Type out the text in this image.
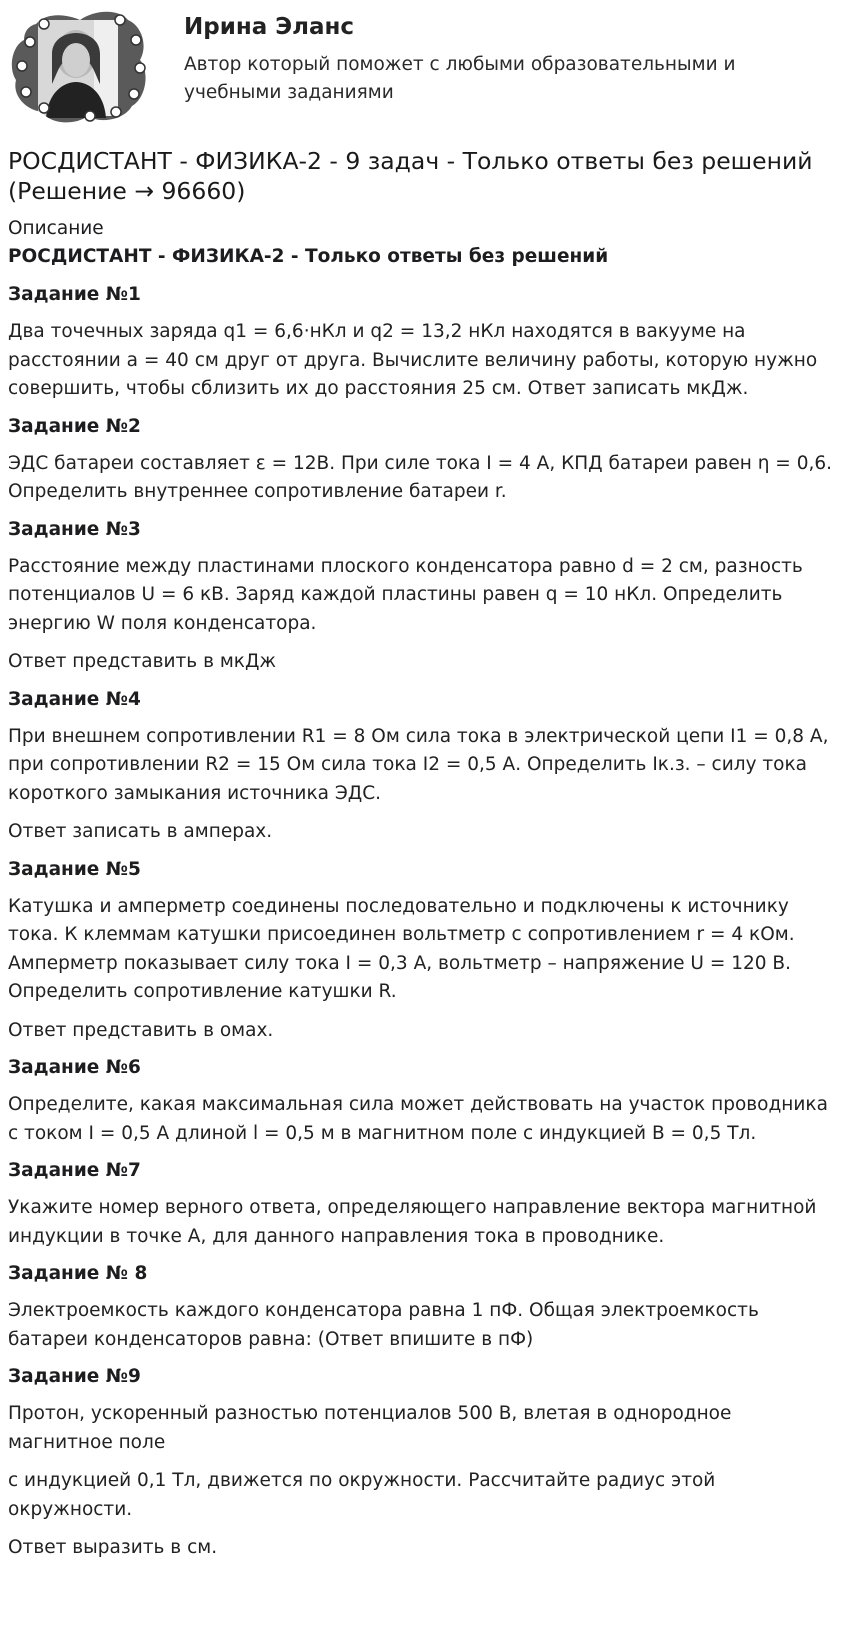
Ирина Эланс
Автор который поможет с любыми образовательными и учебными заданиями
РОСДИСТАНТ - ФИЗИКА-2 - 9 задач - Только ответы без решений (Решение → 96660)
Описание
РОСДИСТАНТ - ФИЗИКА-2 - Только ответы без решений
Задание №1
Два точечных заряда q1 = 6,6·нКл и q2 = 13,2 нКл находятся в вакууме на расстоянии a = 40 см друг от друга. Вычислите величину работы, которую нужно совершить, чтобы сблизить их до расстояния 25 см. Ответ записать мкДж.
Задание №2
ЭДС батареи составляет ε = 12В. При силе тока I = 4 А, КПД батареи равен η = 0,6. Определить внутреннее сопротивление батареи r.
Задание №3
Расстояние между пластинами плоского конденсатора равно d = 2 см, разность потенциалов U = 6 кВ. Заряд каждой пластины равен q = 10 нКл. Определить энергию W поля конденсатора.
Ответ представить в мкДж
Задание №4
При внешнем сопротивлении R1 = 8 Ом сила тока в электрической цепи I1 = 0,8 А, при сопротивлении R2 = 15 Ом сила тока I2 = 0,5 А. Определить Iк.з. – силу тока короткого замыкания источника ЭДС.
Ответ записать в амперах.
Задание №5
Катушка и амперметр соединены последовательно и подключены к источнику тока. К клеммам катушки присоединен вольтметр с сопротивлением r = 4 кОм. Амперметр показывает силу тока I = 0,3 А, вольтметр – напряжение U = 120 В. Определить сопротивление катушки R.
Ответ представить в омах.
Задание №6
Определите, какая максимальная сила может действовать на участок проводника с током I = 0,5 А длиной l = 0,5 м в магнитном поле с индукцией B = 0,5 Тл.
Задание №7
Укажите номер верного ответа, определяющего направление вектора магнитной индукции в точке А, для данного направления тока в проводнике.
Задание № 8
Электроемкость каждого конденсатора равна 1 пФ. Общая электроемкость батареи конденсаторов равна: (Ответ впишите в пФ)
Задание №9
Протон, ускоренный разностью потенциалов 500 В, влетая в однородное магнитное поле
с индукцией 0,1 Тл, движется по окружности. Рассчитайте радиус этой окружности.
Ответ выразить в см.
